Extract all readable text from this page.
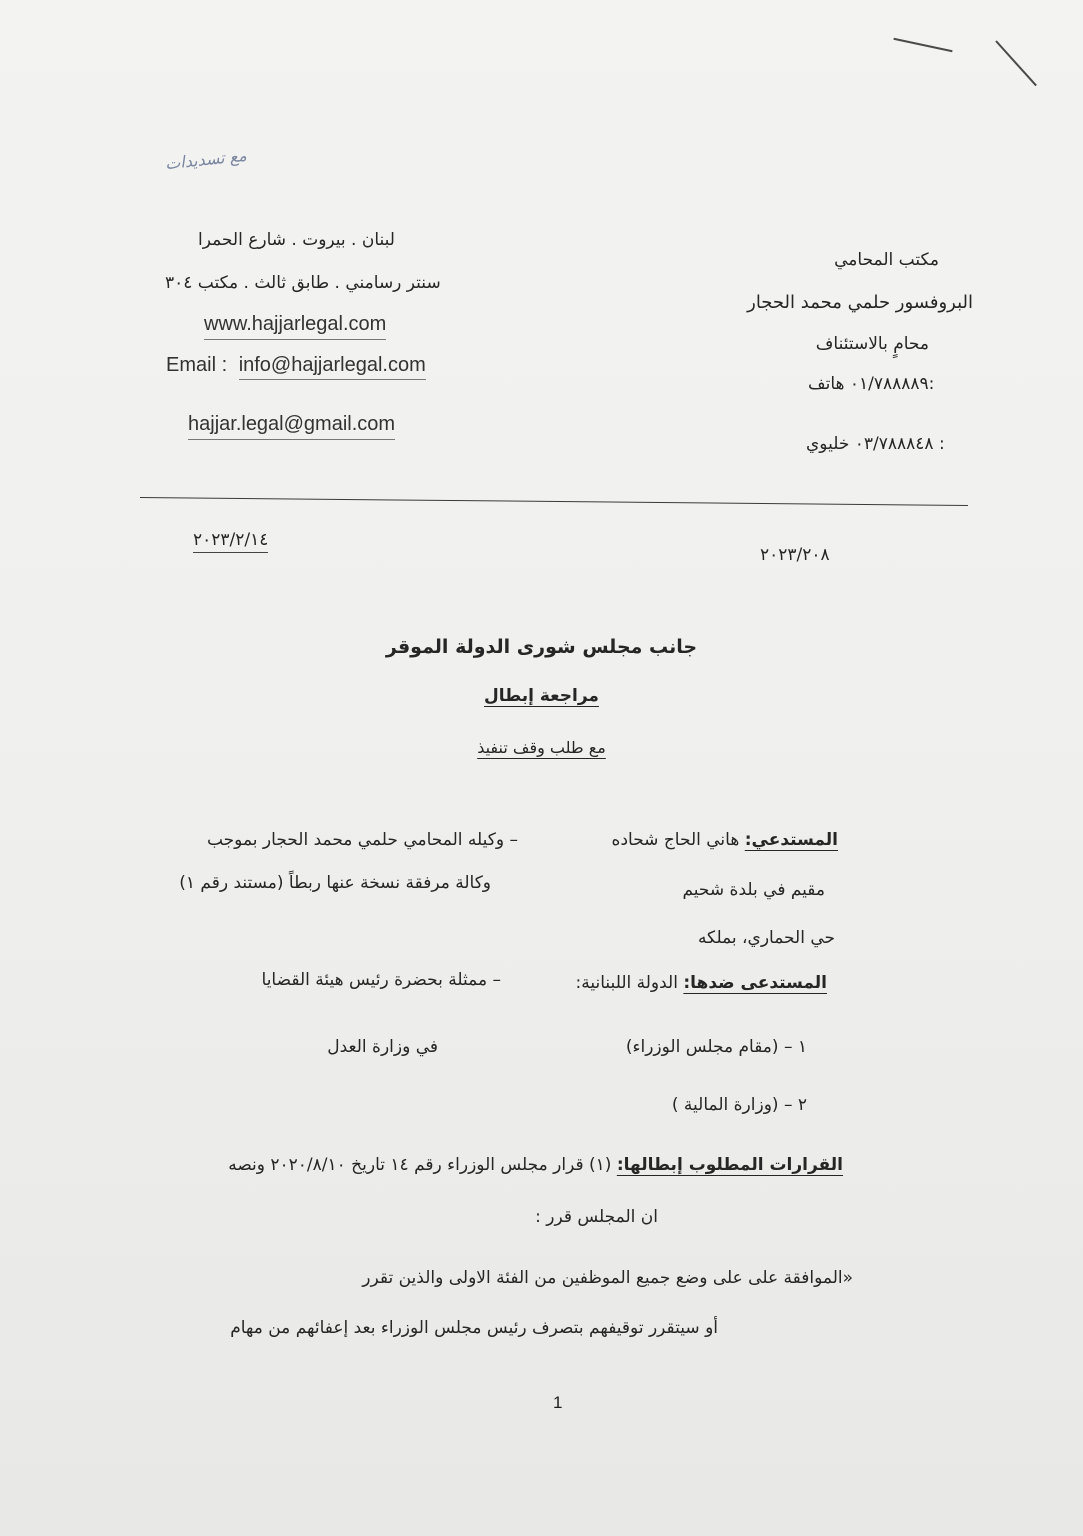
مع تسديدات
لبنان . بيروت . شارع الحمرا
سنتر رسامني . طابق ثالث . مكتب ٣٠٤
www.hajjarlegal.com
Email : info@hajjarlegal.com
hajjar.legal@gmail.com
مكتب المحامي
البروفسور حلمي محمد الحجار
محامٍ بالاستئناف
٠١/٧٨٨٨٨٩ هاتف:
٠٣/٧٨٨٨٤٨ خليوي :
٢٠٢٣/٢/١٤
٢٠٢٣/٢٠٨
جانب مجلس شورى الدولة الموقر
مراجعة إبطال
مع طلب وقف تنفيذ
المستدعي: هاني الحاج شحاده
– وكيله المحامي حلمي محمد الحجار بموجب
مقيم في بلدة شحيم
وكالة مرفقة نسخة عنها ربطاً (مستند رقم ١)
حي الحماري، بملكه
المستدعى ضدها: الدولة اللبنانية:
– ممثلة بحضرة رئيس هيئة القضايا
في وزارة العدل	١ – (مقام مجلس الوزراء)
٢ – (وزارة المالية )
القرارات المطلوب إبطالها: (١) قرار مجلس الوزراء رقم ١٤ تاريخ ٢٠٢٠/٨/١٠ ونصه
ان المجلس قرر :
«الموافقة على على وضع جميع الموظفين من الفئة الاولى والذين تقرر
أو سيتقرر توقيفهم بتصرف رئيس مجلس الوزراء بعد إعفائهم من مهام
1
